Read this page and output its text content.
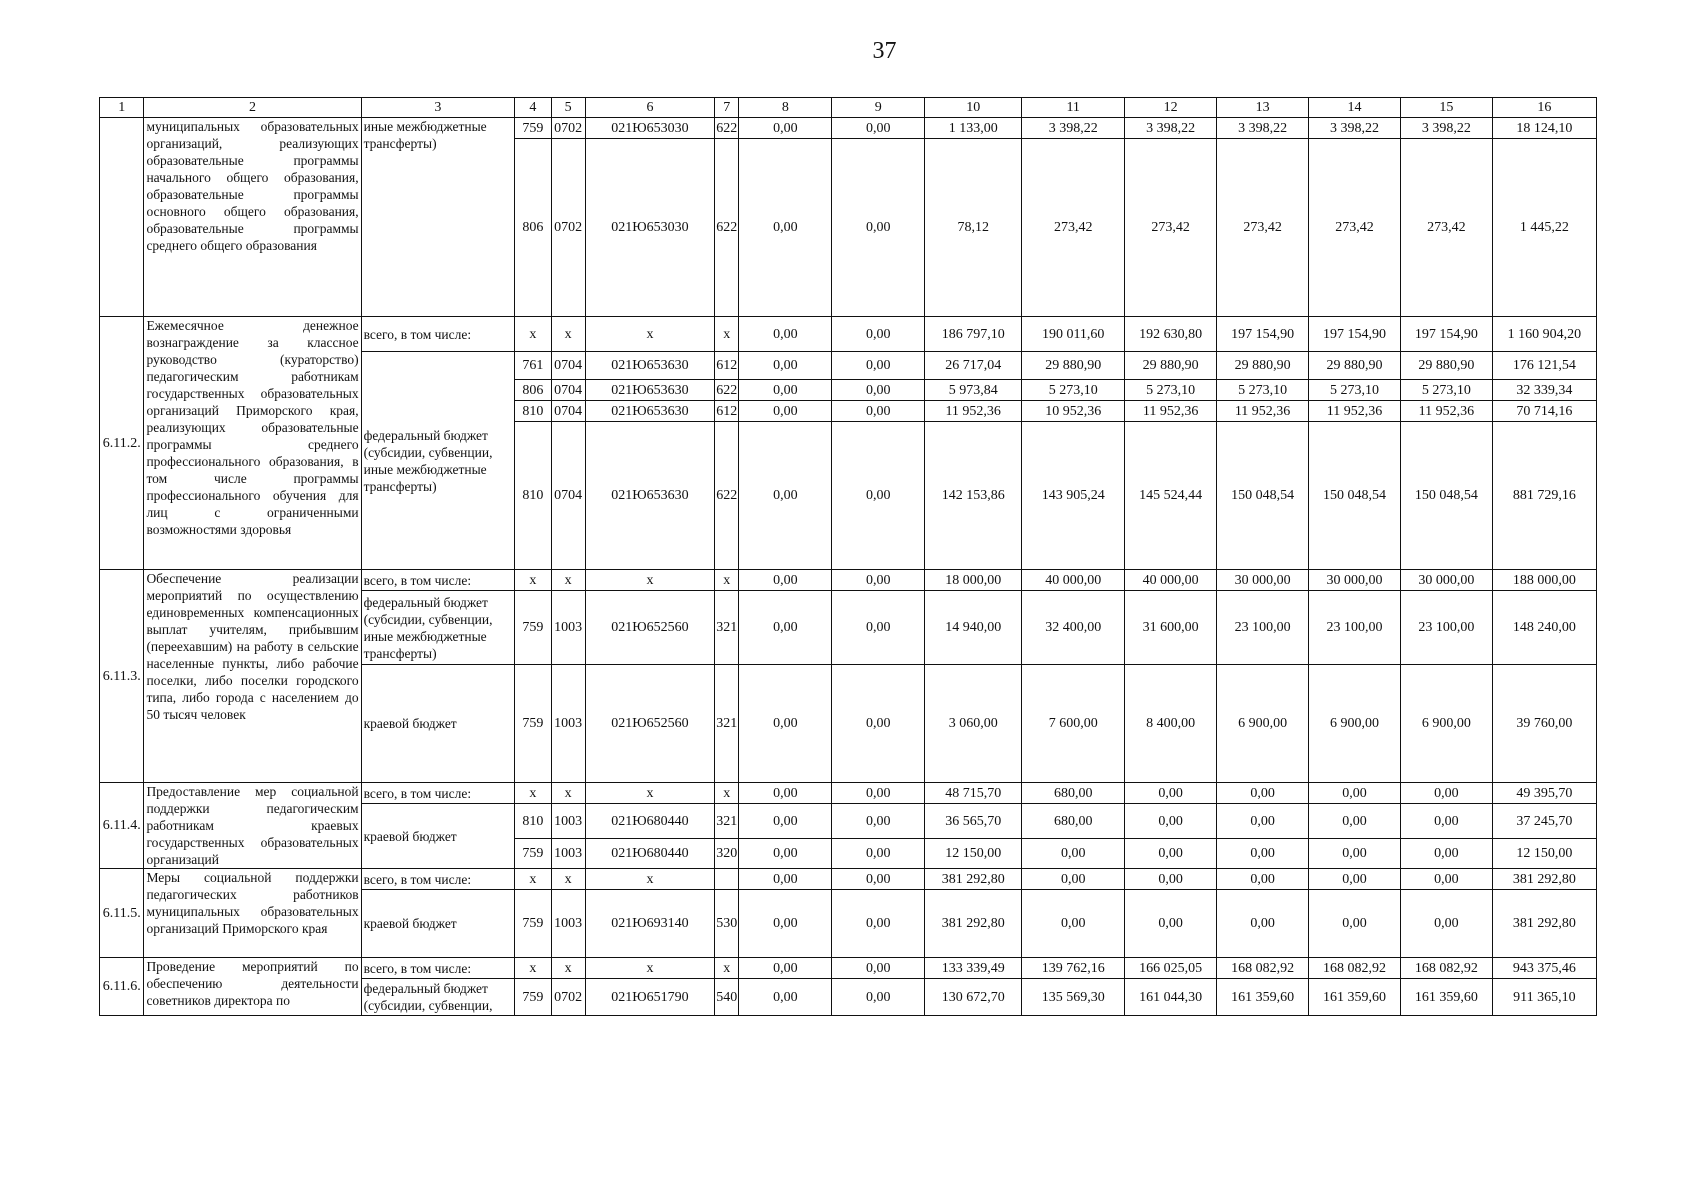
37
1	2	3	4	5	6	7	8	9	10	11	12	13	14	15	16
	муниципальных образовательных организаций, реализующих образовательные программы начального общего образования, образовательные программы основного общего образования, образовательные программы среднего общего образования	иные межбюджетные трансферты)	759	0702	021Ю653030	622	0,00	0,00	1 133,00	3 398,22	3 398,22	3 398,22	3 398,22	3 398,22	18 124,10
			806	0702	021Ю653030	622	0,00	0,00	78,12	273,42	273,42	273,42	273,42	273,42	1 445,22
6.11.2.	Ежемесячное денежное вознаграждение за классное руководство (кураторство) педагогическим работникам государственных образовательных организаций Приморского края, реализующих образовательные программы среднего профессионального образования, в том числе программы профессионального обучения для лиц с ограниченными возможностями здоровья	всего, в том числе:	x	x	x	x	0,00	0,00	186 797,10	190 011,60	192 630,80	197 154,90	197 154,90	197 154,90	1 160 904,20
		федеральный бюджет (субсидии, субвенции, иные межбюджетные трансферты)	761	0704	021Ю653630	612	0,00	0,00	26 717,04	29 880,90	29 880,90	29 880,90	29 880,90	29 880,90	176 121,54
			806	0704	021Ю653630	622	0,00	0,00	5 973,84	5 273,10	5 273,10	5 273,10	5 273,10	5 273,10	32 339,34
			810	0704	021Ю653630	612	0,00	0,00	11 952,36	10 952,36	11 952,36	11 952,36	11 952,36	11 952,36	70 714,16
			810	0704	021Ю653630	622	0,00	0,00	142 153,86	143 905,24	145 524,44	150 048,54	150 048,54	150 048,54	881 729,16
6.11.3.	Обеспечение реализации мероприятий по осуществлению единовременных компенсационных выплат учителям, прибывшим (переехавшим) на работу в сельские населенные пункты, либо рабочие поселки, либо поселки городского типа, либо города с населением до 50 тысяч человек	всего, в том числе:	x	x	x	x	0,00	0,00	18 000,00	40 000,00	40 000,00	30 000,00	30 000,00	30 000,00	188 000,00
		федеральный бюджет (субсидии, субвенции, иные межбюджетные трансферты)	759	1003	021Ю652560	321	0,00	0,00	14 940,00	32 400,00	31 600,00	23 100,00	23 100,00	23 100,00	148 240,00
		краевой бюджет	759	1003	021Ю652560	321	0,00	0,00	3 060,00	7 600,00	8 400,00	6 900,00	6 900,00	6 900,00	39 760,00
6.11.4.	Предоставление мер социальной поддержки педагогическим работникам краевых государственных образовательных организаций	всего, в том числе:	x	x	x	x	0,00	0,00	48 715,70	680,00	0,00	0,00	0,00	0,00	49 395,70
		краевой бюджет	810	1003	021Ю680440	321	0,00	0,00	36 565,70	680,00	0,00	0,00	0,00	0,00	37 245,70
			759	1003	021Ю680440	320	0,00	0,00	12 150,00	0,00	0,00	0,00	0,00	0,00	12 150,00
6.11.5.	Меры социальной поддержки педагогических работников муниципальных образовательных организаций Приморского края	всего, в том числе:	x	x	x		0,00	0,00	381 292,80	0,00	0,00	0,00	0,00	0,00	381 292,80
		краевой бюджет	759	1003	021Ю693140	530	0,00	0,00	381 292,80	0,00	0,00	0,00	0,00	0,00	381 292,80
6.11.6.	Проведение мероприятий по обеспечению деятельности советников директора по	всего, в том числе:	x	x	x	x	0,00	0,00	133 339,49	139 762,16	166 025,05	168 082,92	168 082,92	168 082,92	943 375,46
		федеральный бюджет (субсидии, субвенции,	759	0702	021Ю651790	540	0,00	0,00	130 672,70	135 569,30	161 044,30	161 359,60	161 359,60	161 359,60	911 365,10
